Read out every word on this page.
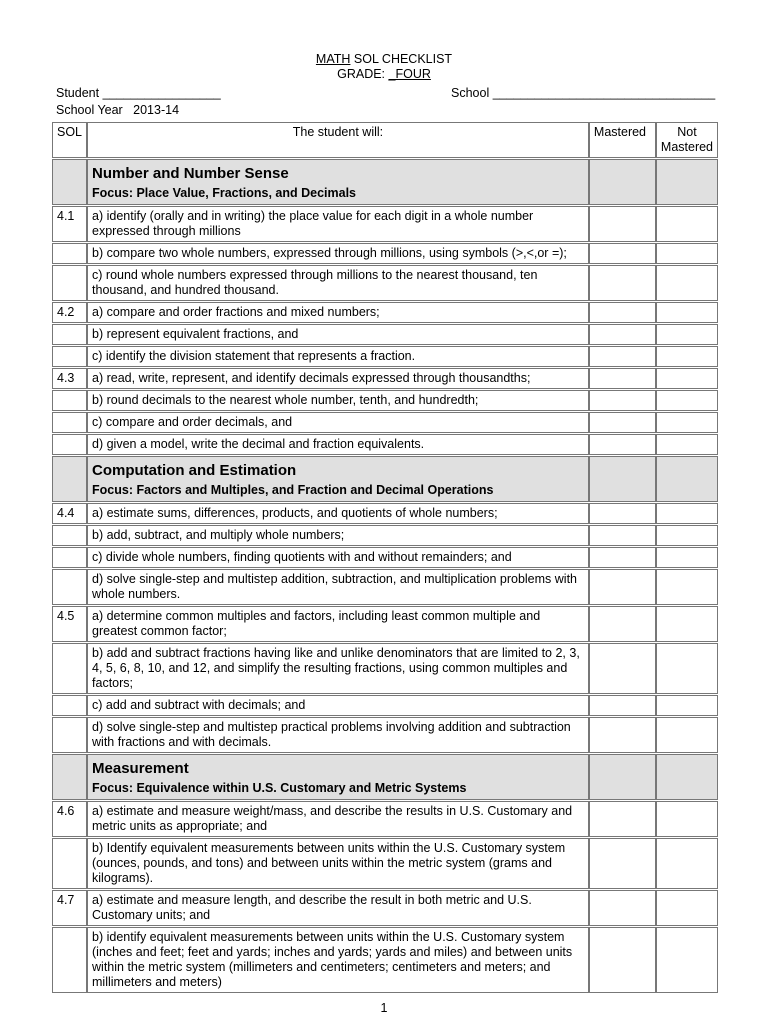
MATH SOL CHECKLIST
GRADE: _FOUR
Student _________________
School Year   2013-14
School ________________________________
SOL	The student will:	Mastered	Not Mastered

	Number and Number Sense
Focus: Place Value, Fractions, and Decimals		

4.1	a) identify (orally and in writing) the place value for each digit in a whole number expressed through millions		
	b) compare two whole numbers, expressed through millions, using symbols (>,<,or =);		
	c) round whole numbers expressed through millions to the nearest thousand, ten thousand, and hundred thousand.		
4.2	a) compare and order fractions and mixed numbers;		
	b) represent equivalent fractions, and		
	c) identify the division statement that represents a fraction.		
4.3	a) read, write, represent, and identify decimals expressed through thousandths;		
	b) round decimals to the nearest whole number, tenth, and hundredth;		
	c) compare and order decimals, and		
	d) given a model, write the decimal and fraction equivalents.		

	Computation and Estimation
Focus: Factors and Multiples, and Fraction and Decimal Operations		

4.4	a) estimate sums, differences, products, and quotients of whole numbers;		
	b) add, subtract, and multiply whole numbers;		
	c) divide whole numbers, finding quotients with and without remainders; and		
	d) solve single-step and multistep addition, subtraction, and multiplication problems with whole numbers.		
4.5	a) determine common multiples and factors, including least common multiple and greatest common factor;		
	b) add and subtract fractions having like and unlike denominators that are limited to 2, 3, 4, 5, 6, 8, 10, and 12, and simplify the resulting fractions, using common multiples and factors;		
	c) add and subtract with decimals; and		
	d) solve single-step and multistep practical problems involving addition and subtraction with fractions and with decimals.		

	Measurement
Focus: Equivalence within U.S. Customary and Metric Systems		

4.6	a) estimate and measure weight/mass, and describe the results in U.S. Customary and metric units as appropriate; and		
	b) Identify equivalent measurements between units within the U.S. Customary system (ounces, pounds, and tons) and between units within the metric system (grams and kilograms).		
4.7	a) estimate and measure length, and describe the result in both metric and U.S. Customary units; and		
	b) identify equivalent measurements between units within the U.S. Customary system (inches and feet; feet and yards; inches and yards; yards and miles) and between units within the metric system (millimeters and centimeters; centimeters and meters; and millimeters and meters)		
1
